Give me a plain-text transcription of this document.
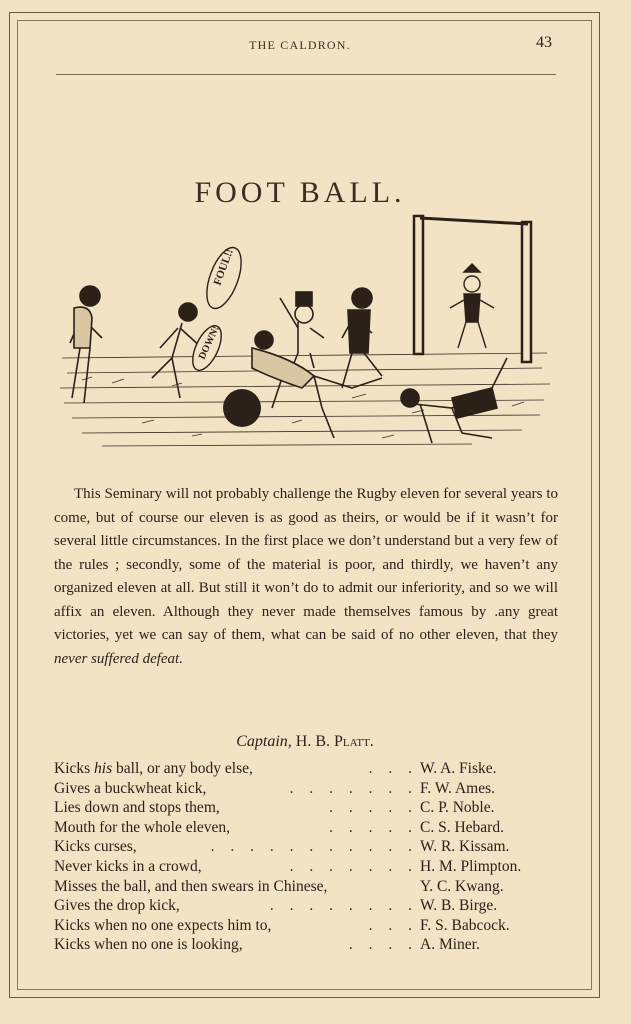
THE CALDRON.	43
FOOT BALL.
FOUL!!
DOWN!

This Seminary will not probably challenge the Rugby eleven for several years to come, but of course our eleven is as good as theirs, or would be if it wasn’t for several little circumstances. In the first place we don’t understand but a very few of the rules ; secondly, some of the material is poor, and thirdly, we haven’t any organized eleven at all. But still it won’t do to admit our inferiority, and so we will affix an eleven. Although they never made themselves famous by .any great victories, yet we can say of them, what can be said of no other eleven, that they never suffered defeat.

Captain, H. B. Platt.
Kicks his ball, or any body else,	. . . W. A. Fiske.
Gives a buckwheat kick,	. . . . . . . F. W. Ames.
Lies down and stops them,	. . . . . C. P. Noble.
Mouth for the whole eleven,	. . . . . C. S. Hebard.
Kicks curses,	. . . . . . . . . . . W. R. Kissam.
Never kicks in a crowd,	. . . . . . . H. M. Plimpton.
Misses the ball, and then swears in Chinese,	Y. C. Kwang.
Gives the drop kick,	. . . . . . . . W. B. Birge.
Kicks when no one expects him to,	. . . F. S. Babcock.
Kicks when no one is looking,	. . . . A. Miner.
